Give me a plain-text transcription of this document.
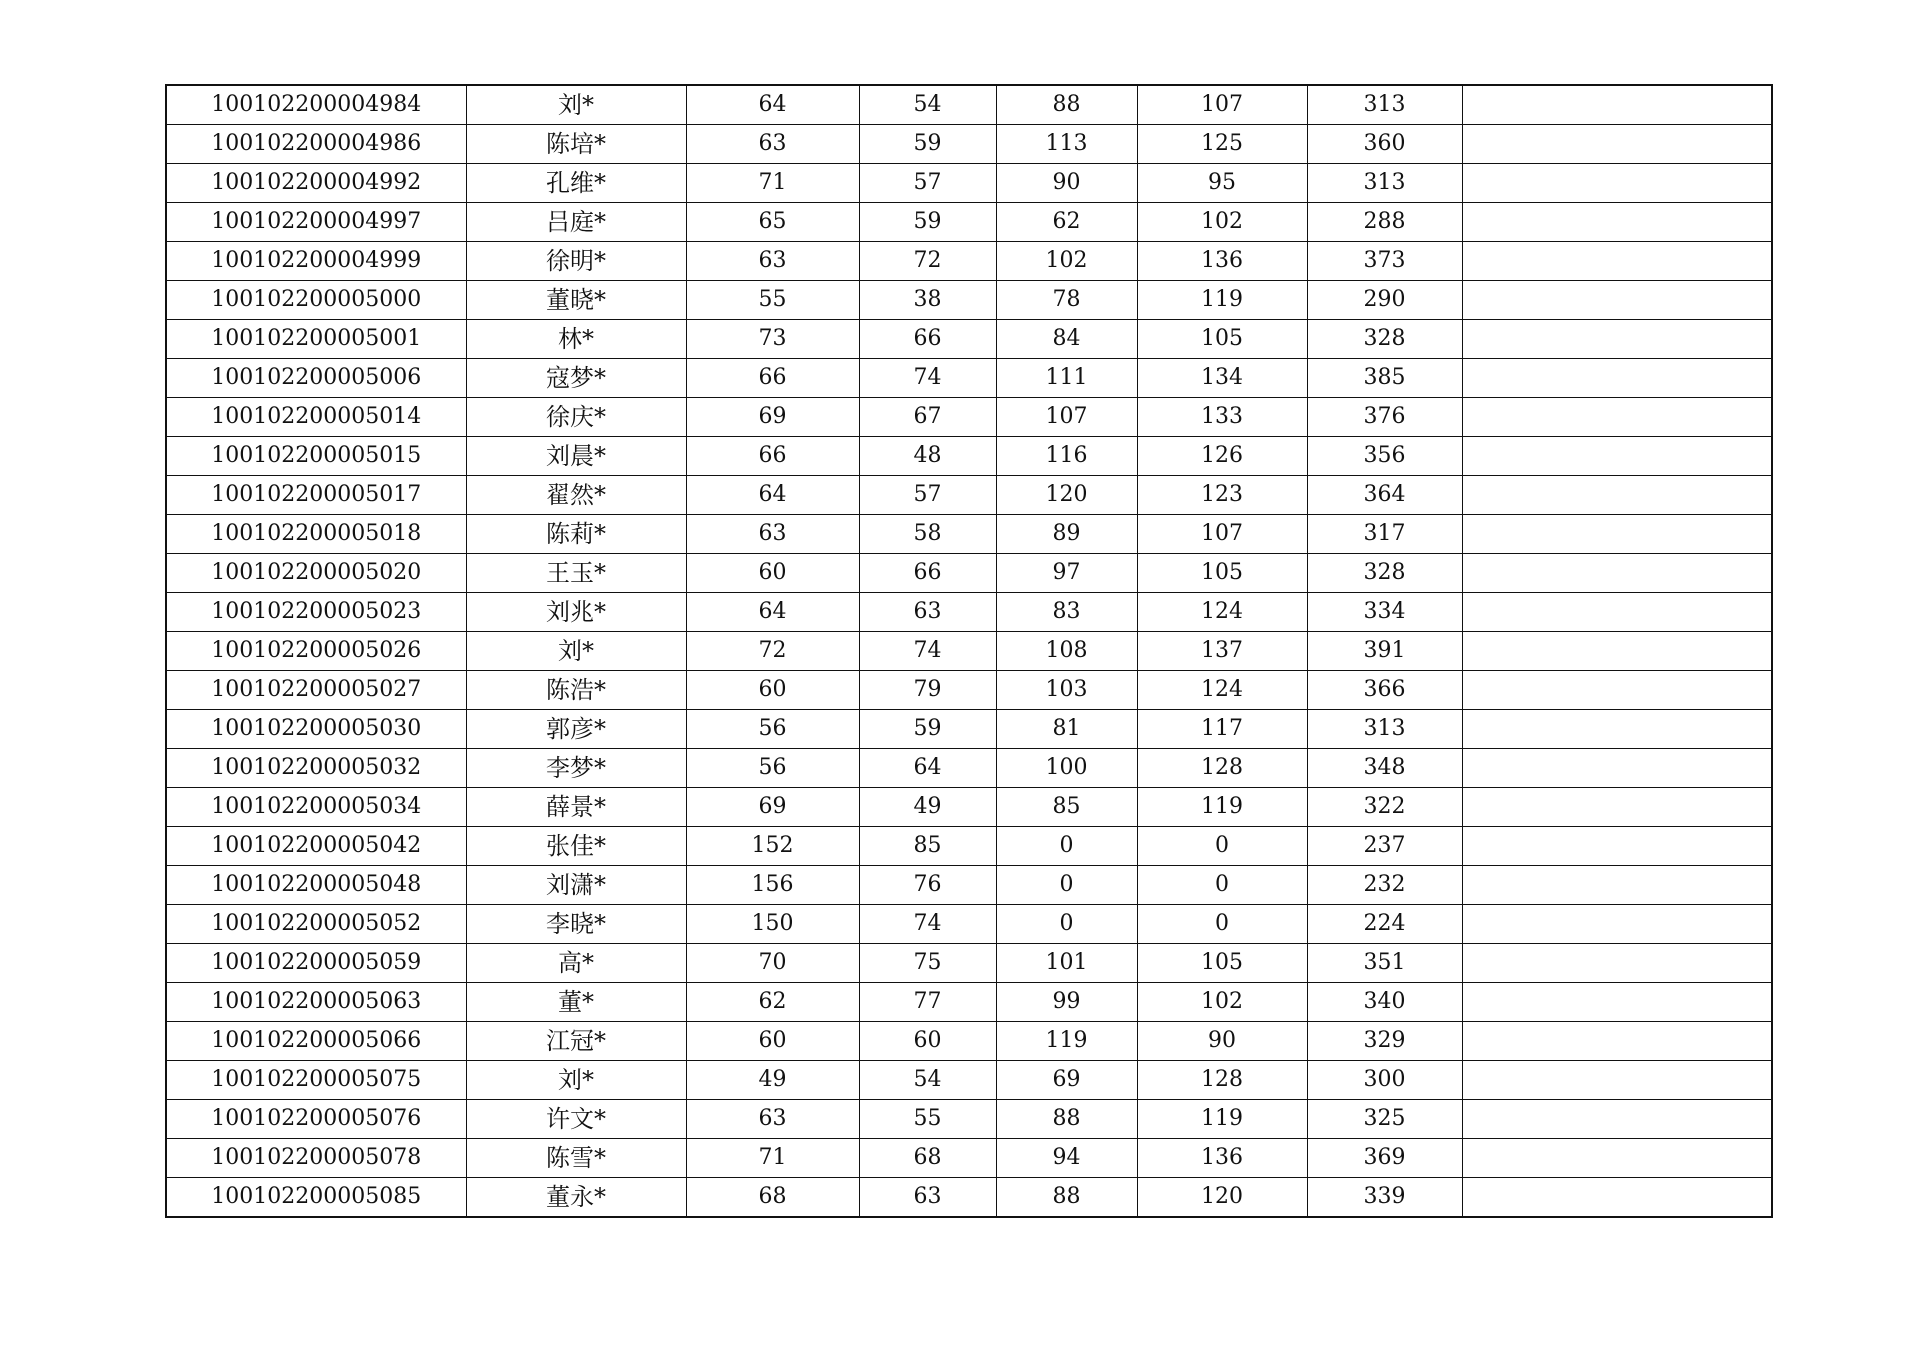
100102200004984	刘*	64	54	88	107	313	
100102200004986	陈培*	63	59	113	125	360	
100102200004992	孔维*	71	57	90	95	313	
100102200004997	吕庭*	65	59	62	102	288	
100102200004999	徐明*	63	72	102	136	373	
100102200005000	董晓*	55	38	78	119	290	
100102200005001	林*	73	66	84	105	328	
100102200005006	寇梦*	66	74	111	134	385	
100102200005014	徐庆*	69	67	107	133	376	
100102200005015	刘晨*	66	48	116	126	356	
100102200005017	翟然*	64	57	120	123	364	
100102200005018	陈莉*	63	58	89	107	317	
100102200005020	王玉*	60	66	97	105	328	
100102200005023	刘兆*	64	63	83	124	334	
100102200005026	刘*	72	74	108	137	391	
100102200005027	陈浩*	60	79	103	124	366	
100102200005030	郭彦*	56	59	81	117	313	
100102200005032	李梦*	56	64	100	128	348	
100102200005034	薛景*	69	49	85	119	322	
100102200005042	张佳*	152	85	0	0	237	
100102200005048	刘潇*	156	76	0	0	232	
100102200005052	李晓*	150	74	0	0	224	
100102200005059	高*	70	75	101	105	351	
100102200005063	董*	62	77	99	102	340	
100102200005066	江冠*	60	60	119	90	329	
100102200005075	刘*	49	54	69	128	300	
100102200005076	许文*	63	55	88	119	325	
100102200005078	陈雪*	71	68	94	136	369	
100102200005085	董永*	68	63	88	120	339	
